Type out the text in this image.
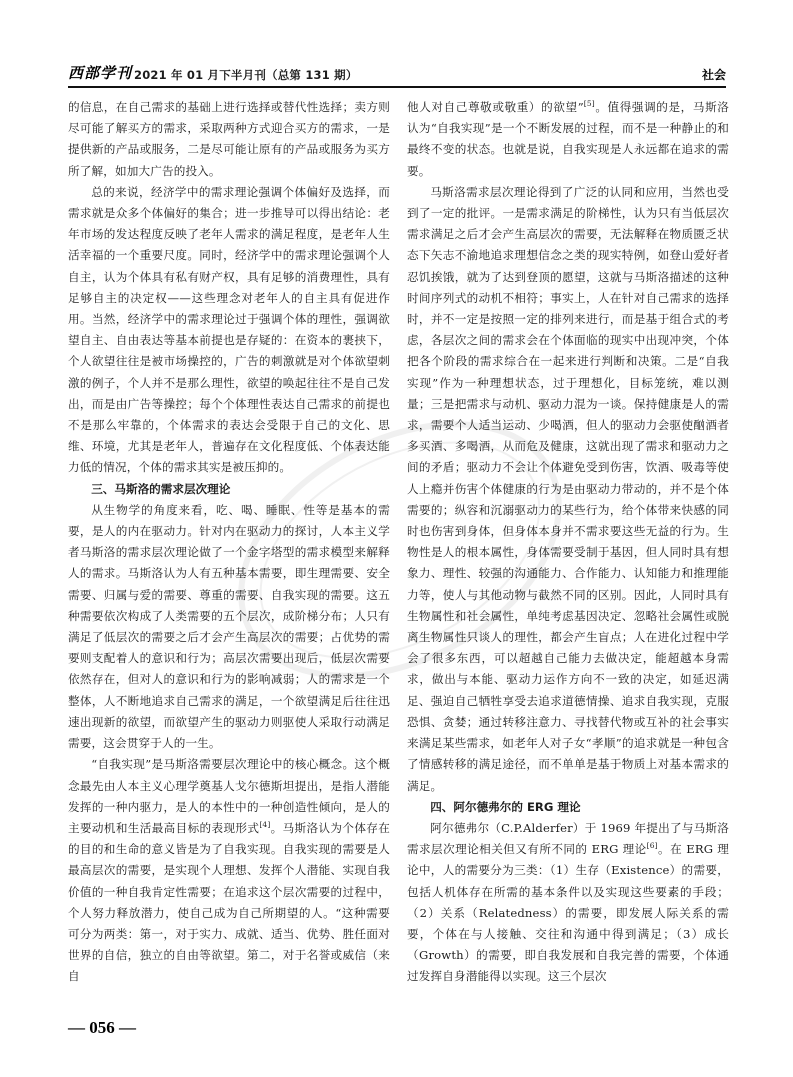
西部学刊 2021 年 01 月下半月刊（总第 131 期）	社会

的信息，在自己需求的基础上进行选择或替代性选择；卖方则尽可能了解买方的需求，采取两种方式迎合买方的需求，一是提供新的产品或服务，二是尽可能让原有的产品或服务为买方所了解，如加大广告的投入。

总的来说，经济学中的需求理论强调个体偏好及选择，而需求就是众多个体偏好的集合；进一步推导可以得出结论：老年市场的发达程度反映了老年人需求的满足程度，是老年人生活幸福的一个重要尺度。同时，经济学中的需求理论强调个人自主，认为个体具有私有财产权，具有足够的消费理性，具有足够自主的决定权——这些理念对老年人的自主具有促进作用。当然，经济学中的需求理论过于强调个体的理性，强调欲望自主、自由表达等基本前提也是存疑的：在资本的裹挟下，个人欲望往往是被市场操控的，广告的刺激就是对个体欲望刺激的例子，个人并不是那么理性，欲望的唤起往往不是自己发出，而是由广告等操控；每个个体理性表达自己需求的前提也不是那么牢靠的，个体需求的表达会受限于自己的文化、思维、环境，尤其是老年人，普遍存在文化程度低、个体表达能力低的情况，个体的需求其实是被压抑的。

三、马斯洛的需求层次理论

从生物学的角度来看，吃、喝、睡眠、性等是基本的需要，是人的内在驱动力。针对内在驱动力的探讨，人本主义学者马斯洛的需求层次理论做了一个金字塔型的需求模型来解释人的需求。马斯洛认为人有五种基本需要，即生理需要、安全需要、归属与爱的需要、尊重的需要、自我实现的需要。这五种需要依次构成了人类需要的五个层次，成阶梯分布；人只有满足了低层次的需要之后才会产生高层次的需要；占优势的需要则支配着人的意识和行为；高层次需要出现后，低层次需要依然存在，但对人的意识和行为的影响减弱；人的需求是一个整体，人不断地追求自己需求的满足，一个欲望满足后往往迅速出现新的欲望，而欲望产生的驱动力则驱使人采取行动满足需要，这会贯穿于人的一生。

“自我实现”是马斯洛需要层次理论中的核心概念。这个概念最先由人本主义心理学奠基人戈尔德斯坦提出，是指人潜能发挥的一种内驱力，是人的本性中的一种创造性倾向，是人的主要动机和生活最高目标的表现形式[4]。马斯洛认为个体存在的目的和生命的意义皆是为了自我实现。自我实现的需要是人最高层次的需要，是实现个人理想、发挥个人潜能、实现自我价值的一种自我肯定性需要；在追求这个层次需要的过程中，个人努力释放潜力，使自己成为自己所期望的人。“这种需要可分为两类：第一，对于实力、成就、适当、优势、胜任面对世界的自信，独立的自由等欲望。第二，对于名誉或威信（来自

他人对自己尊敬或敬重）的欲望”[5]。值得强调的是，马斯洛认为“自我实现”是一个不断发展的过程，而不是一种静止的和最终不变的状态。也就是说，自我实现是人永远都在追求的需要。

马斯洛需求层次理论得到了广泛的认同和应用，当然也受到了一定的批评。一是需求满足的阶梯性，认为只有当低层次需求满足之后才会产生高层次的需要，无法解释在物质匮乏状态下矢志不渝地追求理想信念之类的现实特例，如登山爱好者忍饥挨饿，就为了达到登顶的愿望，这就与马斯洛描述的这种时间序列式的动机不相符；事实上，人在针对自己需求的选择时，并不一定是按照一定的排列来进行，而是基于组合式的考虑，各层次之间的需求会在个体面临的现实中出现冲突，个体把各个阶段的需求综合在一起来进行判断和决策。二是“自我实现”作为一种理想状态，过于理想化，目标笼统，难以测量；三是把需求与动机、驱动力混为一谈。保持健康是人的需求，需要个人适当运动、少喝酒，但人的驱动力会驱使酗酒者多买酒、多喝酒，从而危及健康，这就出现了需求和驱动力之间的矛盾；驱动力不会让个体避免受到伤害，饮酒、吸毒等使人上瘾并伤害个体健康的行为是由驱动力带动的，并不是个体需要的；纵容和沉溺驱动力的某些行为，给个体带来快感的同时也伤害到身体，但身体本身并不需求要这些无益的行为。生物性是人的根本属性，身体需要受制于基因，但人同时具有想象力、理性、较强的沟通能力、合作能力、认知能力和推理能力等，使人与其他动物与截然不同的区别。因此，人同时具有生物属性和社会属性，单纯考虑基因决定、忽略社会属性或脱离生物属性只谈人的理性，都会产生盲点；人在进化过程中学会了很多东西，可以超越自己能力去做决定，能超越本身需求，做出与本能、驱动力运作方向不一致的决定，如延迟满足、强迫自己牺牲享受去追求道德情操、追求自我实现，克服恐惧、贪婪；通过转移注意力、寻找替代物或互补的社会事实来满足某些需求，如老年人对子女“孝顺”的追求就是一种包含了情感转移的满足途径，而不单单是基于物质上对基本需求的满足。

四、阿尔德弗尔的 ERG 理论

阿尔德弗尔（C.P.Alderfer）于 1969 年提出了与马斯洛需求层次理论相关但又有所不同的 ERG 理论[6]。在 ERG 理论中，人的需要分为三类：（1）生存（Existence）的需要，包括人机体存在所需的基本条件以及实现这些要素的手段；（2）关系（Relatedness）的需要，即发展人际关系的需要，个体在与人接触、交往和沟通中得到满足；（3）成长（Growth）的需要，即自我发展和自我完善的需要，个体通过发挥自身潜能得以实现。这三个层次

— 056 —
